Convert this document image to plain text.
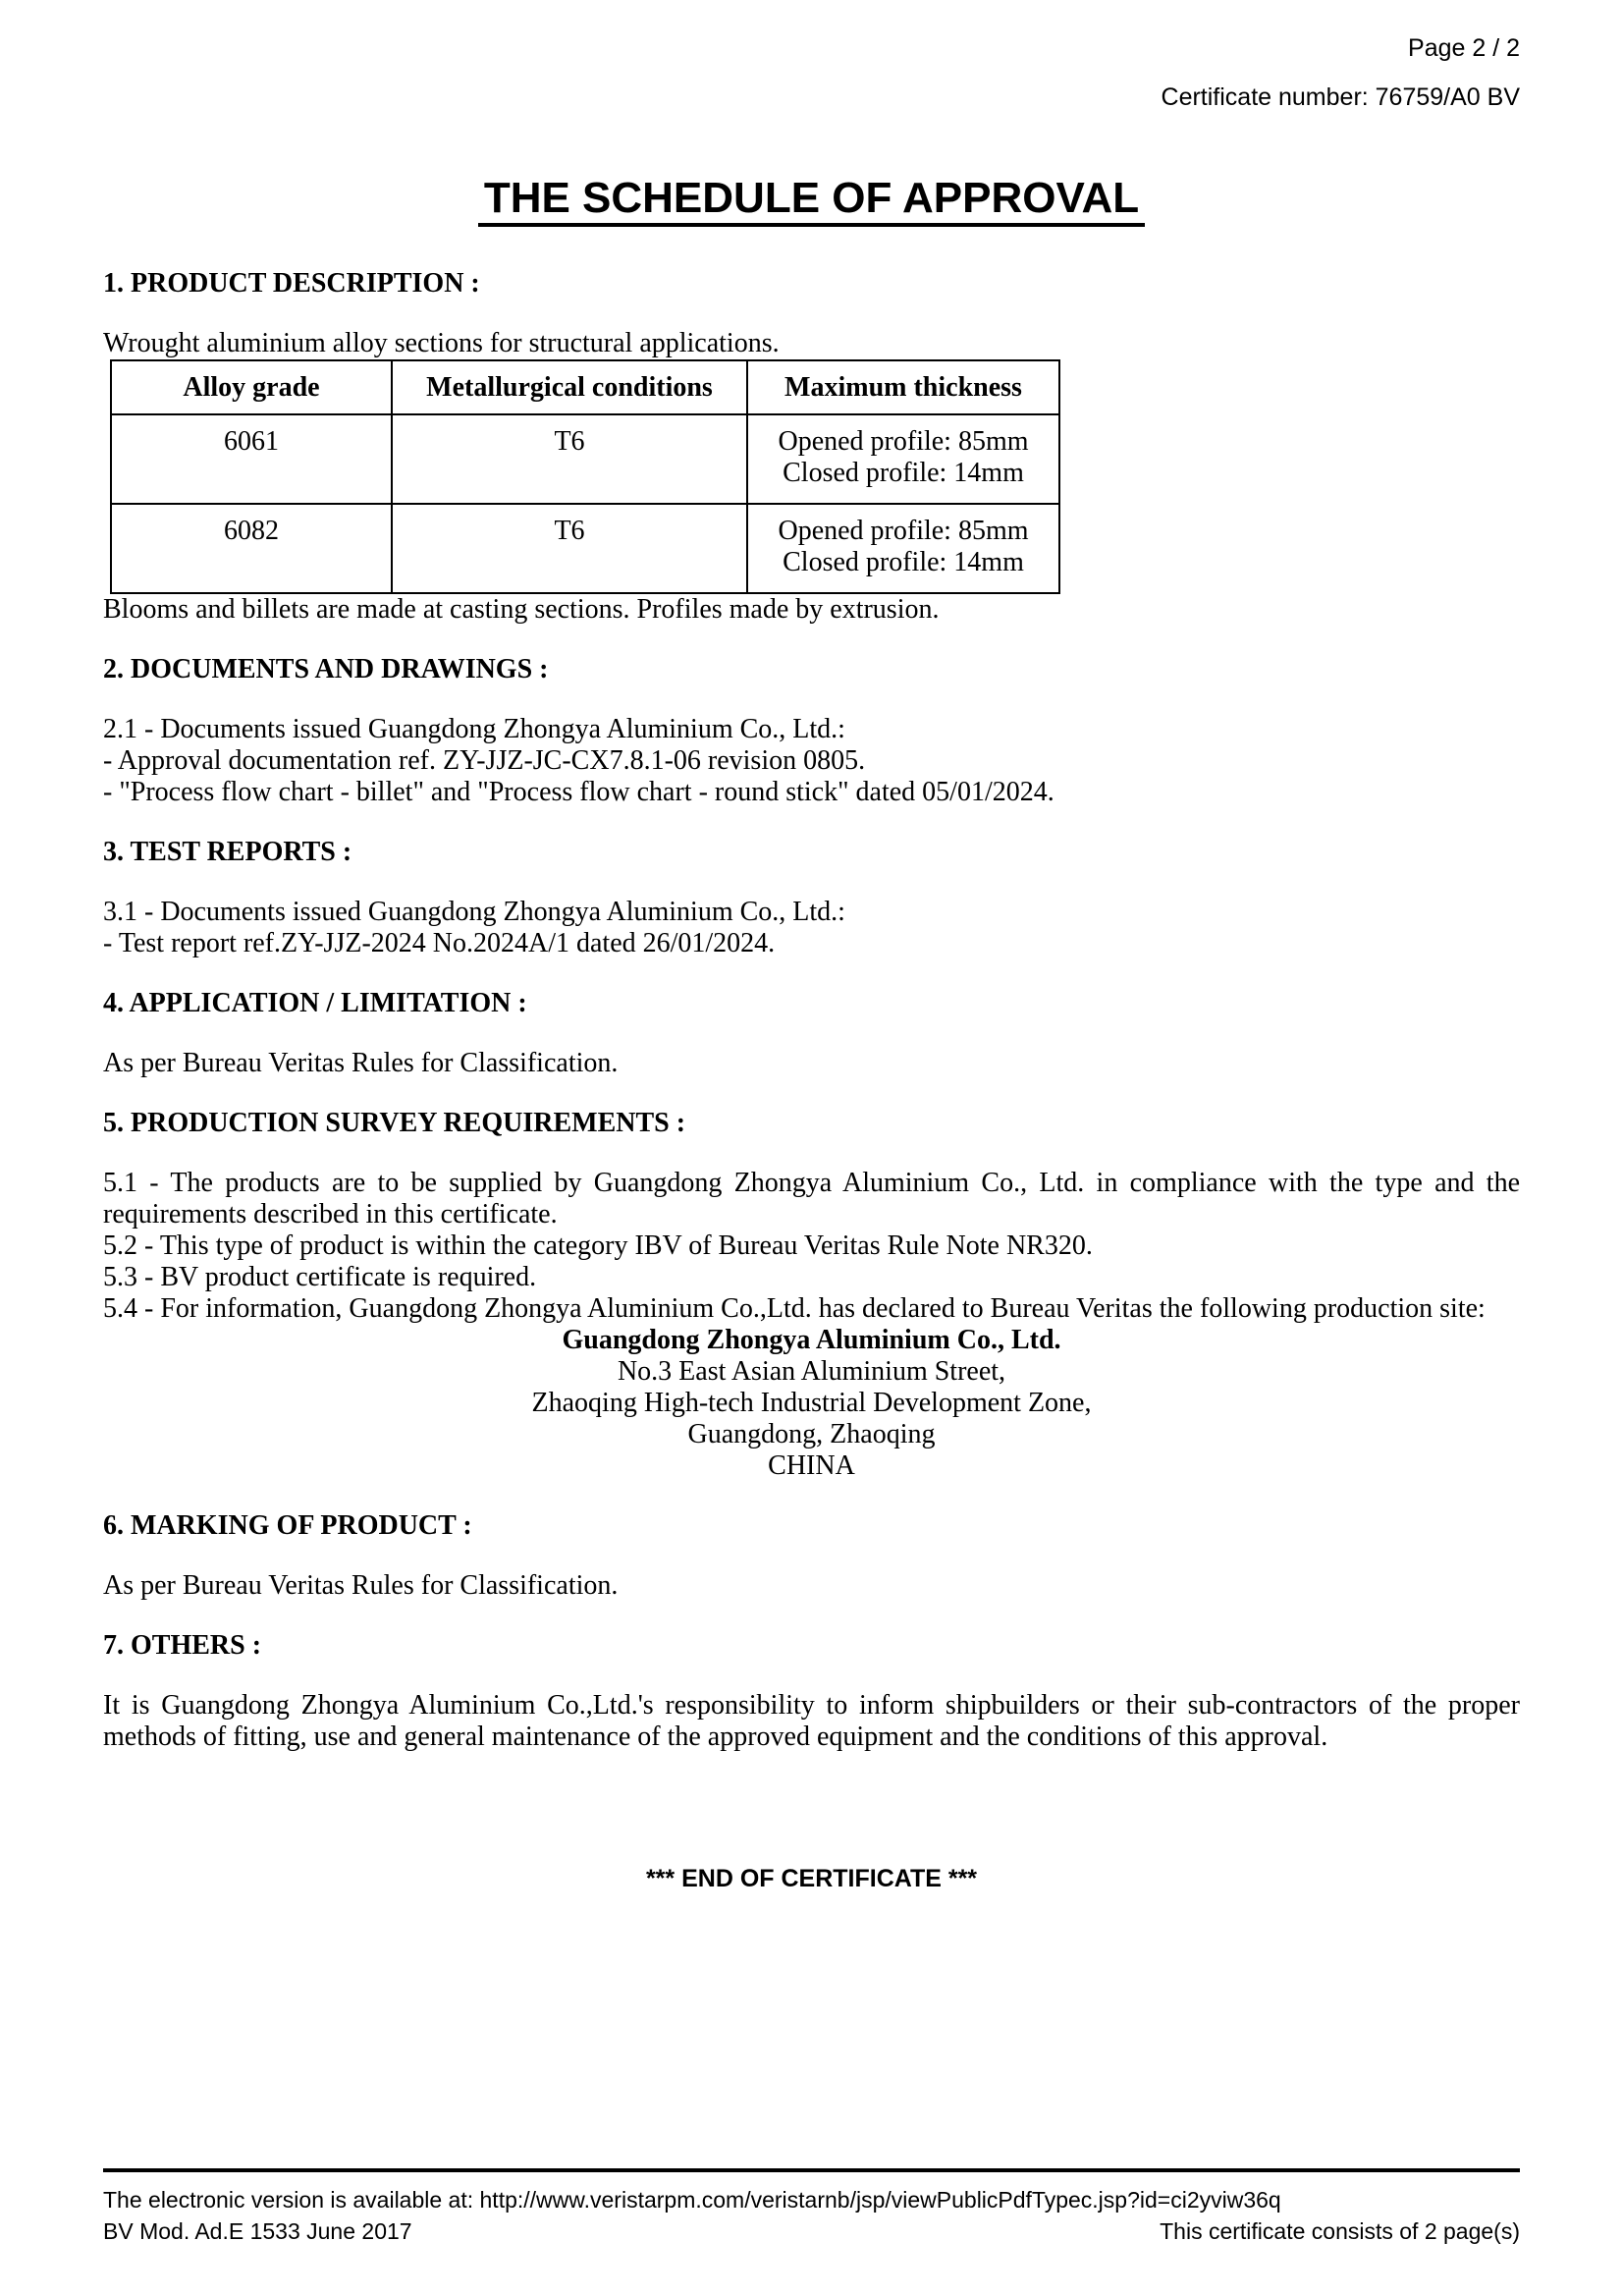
Page 2 / 2
Certificate number: 76759/A0 BV
THE SCHEDULE OF APPROVAL
1. PRODUCT DESCRIPTION :
Wrought aluminium alloy sections for structural applications.
Alloy grade	Metallurgical conditions	Maximum thickness
6061	T6	Opened profile: 85mm
Closed profile: 14mm

6082	T6	Opened profile: 85mm
Closed profile: 14mm
Blooms and billets are made at casting sections. Profiles made by extrusion.
2. DOCUMENTS AND DRAWINGS :
2.1 - Documents issued Guangdong Zhongya Aluminium Co., Ltd.:
- Approval documentation ref. ZY-JJZ-JC-CX7.8.1-06 revision 0805.
- "Process flow chart - billet" and "Process flow chart - round stick" dated 05/01/2024.
3. TEST REPORTS :
3.1 - Documents issued Guangdong Zhongya Aluminium Co., Ltd.:
- Test report ref.ZY-JJZ-2024 No.2024A/1 dated 26/01/2024.
4. APPLICATION / LIMITATION :
As per Bureau Veritas Rules for Classification.
5. PRODUCTION SURVEY REQUIREMENTS :
5.1 - The products are to be supplied by Guangdong Zhongya Aluminium Co., Ltd. in compliance with the type and the requirements described in this certificate.
5.2 - This type of product is within the category IBV of Bureau Veritas Rule Note NR320.
5.3 - BV product certificate is required.
5.4 - For information, Guangdong Zhongya Aluminium Co.,Ltd. has declared to Bureau Veritas the following production site:
Guangdong Zhongya Aluminium Co., Ltd.
No.3 East Asian Aluminium Street,
Zhaoqing High-tech Industrial Development Zone,
Guangdong, Zhaoqing
CHINA
6. MARKING OF PRODUCT :
As per Bureau Veritas Rules for Classification.
7. OTHERS :
It is Guangdong Zhongya Aluminium Co.,Ltd.'s responsibility to inform shipbuilders or their sub-contractors of the proper methods of fitting, use and general maintenance of the approved equipment and the conditions of this approval.
*** END OF CERTIFICATE ***
The electronic version is available at: http://www.veristarpm.com/veristarnb/jsp/viewPublicPdfTypec.jsp?id=ci2yviw36q
BV Mod. Ad.E 1533 June 2017	This certificate consists of 2 page(s)
